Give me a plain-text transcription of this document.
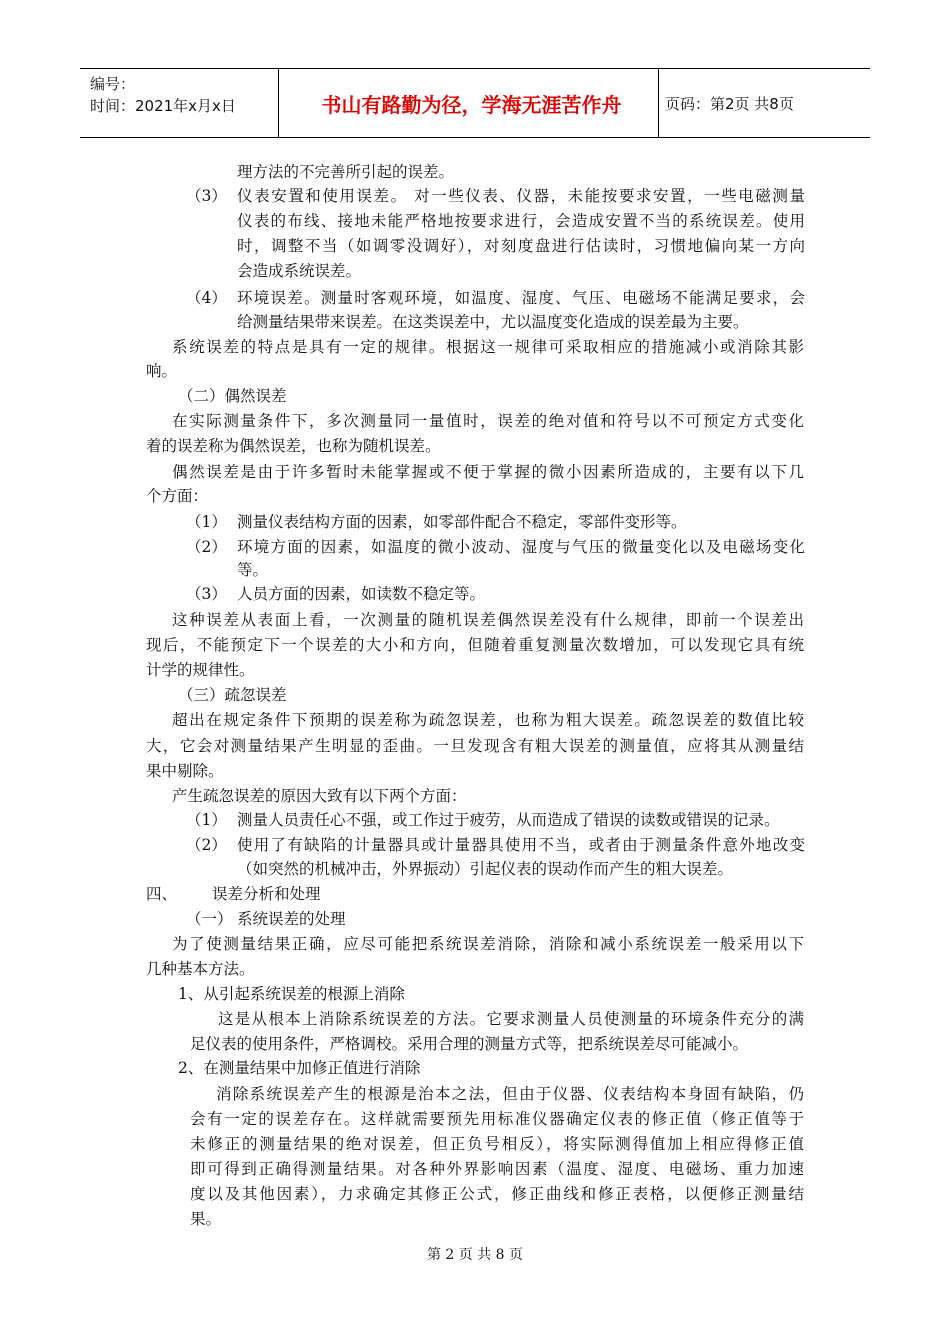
编号：
时间：2021年x月x日	书山有路勤为径，学海无涯苦作舟	页码：第2页 共8页
（3）
（4）
（1）
（2）
（3）
（1）
（2）
四、
（一）
理方法的不完善所引起的误差。
仪表安置和使用误差。 对一些仪表、仪器，未能按要求安置，一些电磁测量
仪表的布线、接地未能严格地按要求进行，会造成安置不当的系统误差。使用
时，调整不当（如调零没调好），对刻度盘进行估读时，习惯地偏向某一方向
会造成系统误差。
环境误差。测量时客观环境，如温度、湿度、气压、电磁场不能满足要求，会
给测量结果带来误差。在这类误差中，尤以温度变化造成的误差最为主要。
系统误差的特点是具有一定的规律。根据这一规律可采取相应的措施减小或消除其影
响。
（二）偶然误差
在实际测量条件下，多次测量同一量值时，误差的绝对值和符号以不可预定方式变化
着的误差称为偶然误差，也称为随机误差。
偶然误差是由于许多暂时未能掌握或不便于掌握的微小因素所造成的，主要有以下几
个方面：
测量仪表结构方面的因素，如零部件配合不稳定，零部件变形等。
环境方面的因素，如温度的微小波动、湿度与气压的微量变化以及电磁场变化
等。
人员方面的因素，如读数不稳定等。
这种误差从表面上看，一次测量的随机误差偶然误差没有什么规律，即前一个误差出
现后，不能预定下一个误差的大小和方向，但随着重复测量次数增加，可以发现它具有统
计学的规律性。
（三）疏忽误差
超出在规定条件下预期的误差称为疏忽误差，也称为粗大误差。疏忽误差的数值比较
大，它会对测量结果产生明显的歪曲。一旦发现含有粗大误差的测量值，应将其从测量结
果中剔除。
产生疏忽误差的原因大致有以下两个方面：
测量人员责任心不强，或工作过于疲劳，从而造成了错误的读数或错误的记录。
使用了有缺陷的计量器具或计量器具使用不当，或者由于测量条件意外地改变
（如突然的机械冲击，外界振动）引起仪表的误动作而产生的粗大误差。
误差分析和处理
系统误差的处理
为了使测量结果正确，应尽可能把系统误差消除，消除和减小系统误差一般采用以下
几种基本方法。
1、从引起系统误差的根源上消除
这是从根本上消除系统误差的方法。它要求测量人员使测量的环境条件充分的满
足仪表的使用条件，严格调校。采用合理的测量方式等，把系统误差尽可能减小。
2、在测量结果中加修正值进行消除
消除系统误差产生的根源是治本之法，但由于仪器、仪表结构本身固有缺陷，仍
会有一定的误差存在。这样就需要预先用标准仪器确定仪表的修正值（修正值等于
未修正的测量结果的绝对误差，但正负号相反），将实际测得值加上相应得修正值
即可得到正确得测量结果。对各种外界影响因素（温度、湿度、电磁场、重力加速
度以及其他因素），力求确定其修正公式，修正曲线和修正表格，以便修正测量结
果。
第 2 页 共 8 页
